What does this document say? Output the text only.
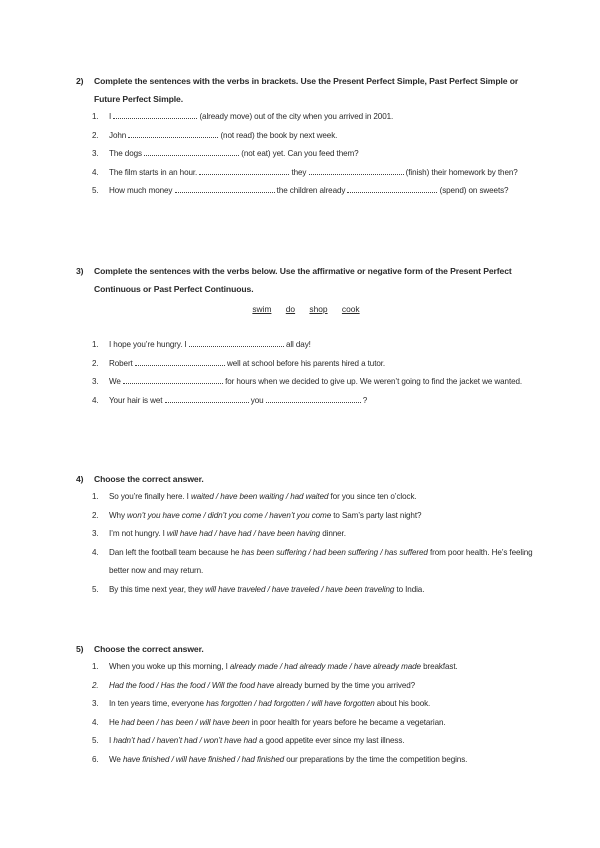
2) Complete the sentences with the verbs in brackets. Use the Present Perfect Simple, Past Perfect Simple or Future Perfect Simple.
1. I	(already move) out of the city when you arrived in 2001.
2. John	(not read) the book by next week.
3. The dogs	(not eat) yet. Can you feed them?
4. The film starts in an hour.	they	(finish) their homework by then?
5. How much money	the children already	(spend) on sweets?
3) Complete the sentences with the verbs below. Use the affirmative or negative form of the Present Perfect Continuous or Past Perfect Continuous.
swim do shop cook
1. I hope you’re hungry. I	all day!
2. Robert	well at school before his parents hired a tutor.
3. We	for hours when we decided to give up. We weren’t going to find the jacket we wanted.
4. Your hair is wet	you	?
4) Choose the correct answer.
1. So you’re finally here. I waited / have been waiting / had waited for you since ten o’clock.
2. Why won’t you have come / didn’t you come / haven’t you come to Sam’s party last night?
3. I’m not hungry. I will have had / have had / have been having dinner.
4. Dan left the football team because he has been suffering / had been suffering / has suffered from poor health. He’s feeling better now and may return.
5. By this time next year, they will have traveled / have traveled / have been traveling to India.
5) Choose the correct answer.
1. When you woke up this morning, I already made / had already made / have already made breakfast.
2. Had the food / Has the food / Will the food have already burned by the time you arrived?
3. In ten years time, everyone has forgotten / had forgotten / will have forgotten about his book.
4. He had been / has been / will have been in poor health for years before he became a vegetarian.
5. I hadn’t had / haven’t had / won’t have had a good appetite ever since my last illness.
6. We have finished / will have finished / had finished our preparations by the time the competition begins.
